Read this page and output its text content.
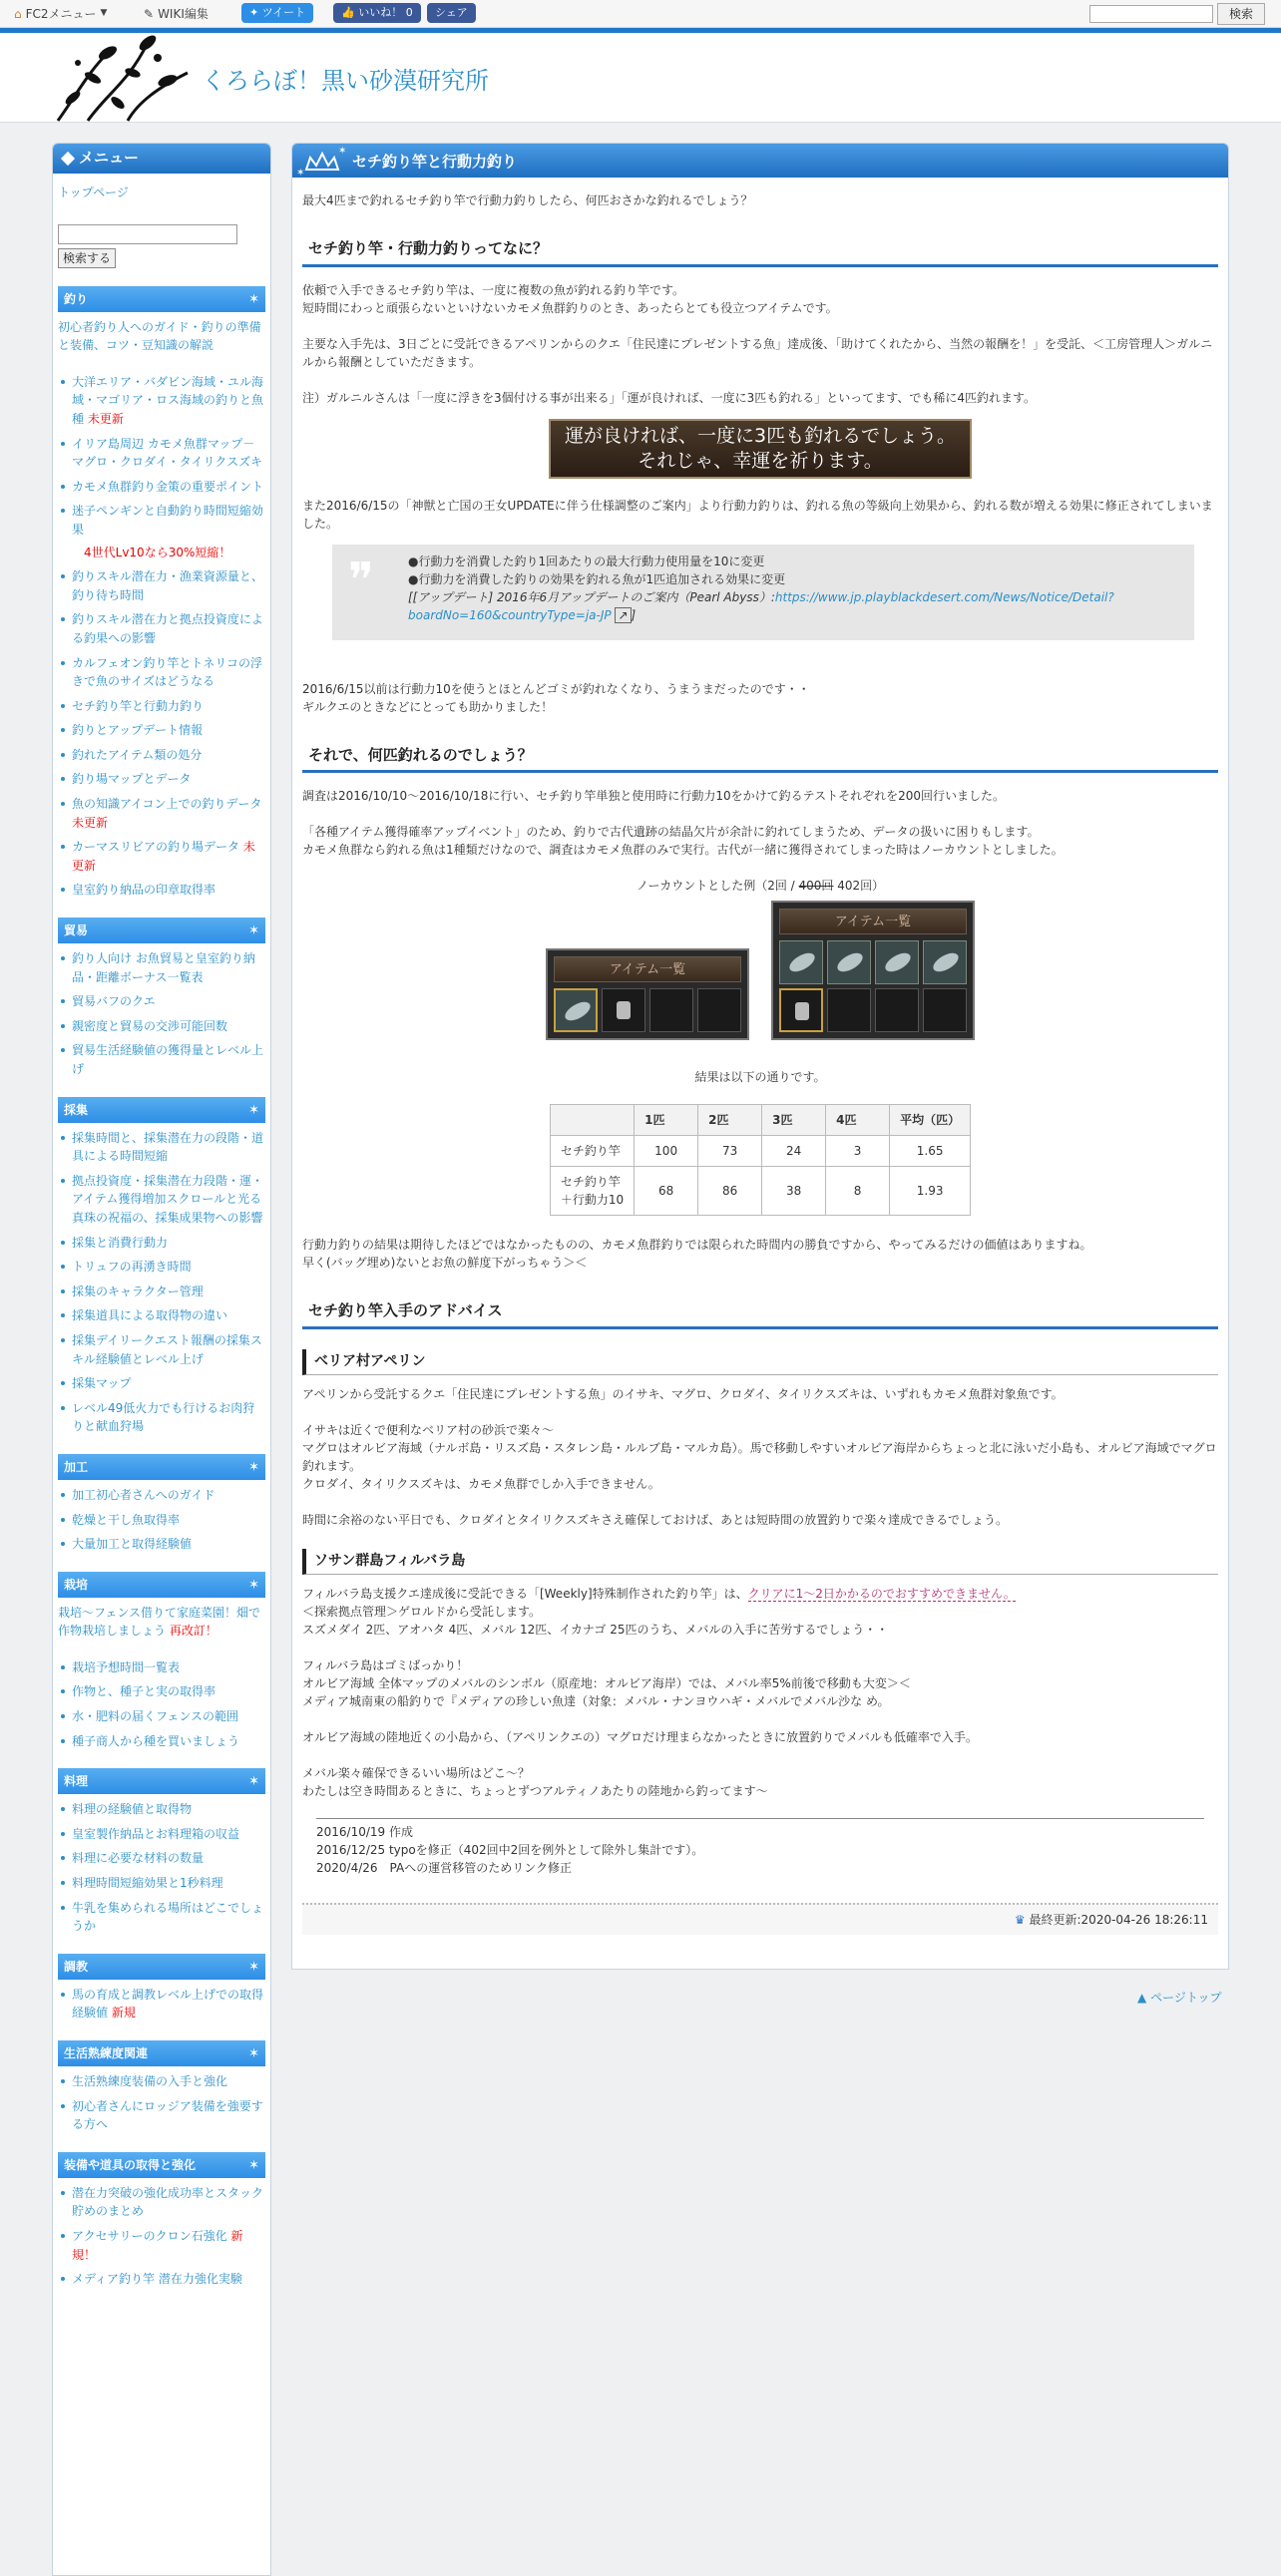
⌂ FC2メニュー ▼	✎ WIKI編集	✦ ツイート	👍 いいね！ 0	シェア	検索
くろらぼ！黒い砂漠研究所
メニュー
トップページ
検索する
釣り	✶
初心者釣り人へのガイド・釣りの準備と装備、コツ・豆知識の解説
大洋エリア・バダビン海域・ユル海域・マゴリア・ロス海域の釣りと魚種 未更新
イリア島周辺 カモメ魚群マップ－マグロ・クロダイ・タイリクスズキ
カモメ魚群釣り金策の重要ポイント
迷子ペンギンと自動釣り時間短縮効果
4世代Lv10なら30%短縮！
釣りスキル潜在力・漁業資源量と、釣り待ち時間
釣りスキル潜在力と拠点投資度による釣果への影響
カルフェオン釣り竿とトネリコの浮きで魚のサイズはどうなる
セチ釣り竿と行動力釣り
釣りとアップデート情報
釣れたアイテム類の処分
釣り場マップとデータ
魚の知識アイコン上での釣りデータ 未更新
カーマスリビアの釣り場データ 未更新
皇室釣り納品の印章取得率
貿易	✶
釣り人向け お魚貿易と皇室釣り納品・距離ボーナス一覧表
貿易バフのクエ
親密度と貿易の交渉可能回数
貿易生活経験値の獲得量とレベル上げ
採集	✶
採集時間と、採集潜在力の段階・道具による時間短縮
拠点投資度・採集潜在力段階・運・アイテム獲得増加スクロールと光る真珠の祝福の、採集成果物への影響
採集と消費行動力
トリュフの再湧き時間
採集のキャラクター管理
採集道具による取得物の違い
採集デイリークエスト報酬の採集スキル経験値とレベル上げ
採集マップ
レベル49低火力でも行けるお肉狩りと献血狩場
加工	✶
加工初心者さんへのガイド
乾燥と干し魚取得率
大量加工と取得経験値
栽培	✶
栽培～フェンス借りて家庭菜園！畑で作物栽培しましょう 再改訂！
栽培予想時間一覧表
作物と、種子と実の取得率
水・肥料の届くフェンスの範囲
種子商人から種を買いましょう
料理	✶
料理の経験値と取得物
皇室製作納品とお料理箱の収益
料理に必要な材料の数量
料理時間短縮効果と1秒料理
牛乳を集められる場所はどこでしょうか
調教	✶
馬の育成と調教レベル上げでの取得経験値 新規
生活熟練度関連	✶
生活熟練度装備の入手と強化
初心者さんにロッジア装備を強要する方へ
装備や道具の取得と強化	✶
潜在力突破の強化成功率とスタック貯めのまとめ
アクセサリーのクロン石強化 新規！
メディア釣り竿 潜在力強化実験
✶
✶
セチ釣り竿と行動力釣り

最大4匹まで釣れるセチ釣り竿で行動力釣りしたら、何匹おさかな釣れるでしょう？

セチ釣り竿・行動力釣りってなに？

依頼で入手できるセチ釣り竿は、一度に複数の魚が釣れる釣り竿です。
短時間にわっと頑張らないといけないカモメ魚群釣りのとき、あったらとても役立つアイテムです。

主要な入手先は、3日ごとに受託できるアペリンからのクエ「住民達にプレゼントする魚」達成後、「助けてくれたから、当然の報酬を！」を受託、＜工房管理人＞ガルニルから報酬としていただきます。

注）ガルニルさんは「一度に浮きを3個付ける事が出来る」「運が良ければ、一度に3匹も釣れる」といってます、でも稀に4匹釣れます。

運が良ければ、一度に3匹も釣れるでしょう。
それじゃ、幸運を祈ります。

また2016/6/15の「神獣と亡国の王女UPDATEに伴う仕様調整のご案内」より行動力釣りは、釣れる魚の等級向上効果から、釣れる数が増える効果に修正されてしまいました。

❞	●行動力を消費した釣り1回あたりの最大行動力使用量を10に変更
●行動力を消費した釣りの効果を釣れる魚が1匹追加される効果に変更
[[アップデート] 2016年6月アップデートのご案内（Pearl Abyss）:https://www.jp.playblackdesert.com/News/Notice/Detail?boardNo=160&countryType=ja-JP ↗ ]

2016/6/15以前は行動力10を使うとほとんどゴミが釣れなくなり、うまうまだったのです・・
ギルクエのときなどにとっても助かりました！

それで、何匹釣れるのでしょう？

調査は2016/10/10～2016/10/18に行い、セチ釣り竿単独と使用時に行動力10をかけて釣るテストそれぞれを200回行いました。

「各種アイテム獲得確率アップイベント」のため、釣りで古代遺跡の結晶欠片が余計に釣れてしまうため、データの扱いに困りもします。
カモメ魚群なら釣れる魚は1種類だけなので、調査はカモメ魚群のみで実行。古代が一緒に獲得されてしまった時はノーカウントとしました。

ノーカウントとした例（2回 / 400回 402回）
アイテム一覧
アイテム一覧

結果は以下の通りです。

	1匹	2匹	3匹	4匹	平均（匹）
セチ釣り竿	100	73	24	3	1.65
セチ釣り竿
＋行動力10	68	86	38	8	1.93

行動力釣りの結果は期待したほどではなかったものの、カモメ魚群釣りでは限られた時間内の勝負ですから、やってみるだけの価値はありますね。
早く(バッグ埋め)ないとお魚の鮮度下がっちゃう＞＜

セチ釣り竿入手のアドバイス
ベリア村アペリン

アペリンから受託するクエ「住民達にプレゼントする魚」のイサキ、マグロ、クロダイ、タイリクスズキは、いずれもカモメ魚群対象魚です。

イサキは近くで便利なベリア村の砂浜で楽々～
マグロはオルビア海域（ナルボ島・リスズ島・スタレン島・ルルブ島・マルカ島）。馬で移動しやすいオルビア海岸からちょっと北に泳いだ小島も、オルビア海域でマグロ釣れます。
クロダイ、タイリクスズキは、カモメ魚群でしか入手できません。

時間に余裕のない平日でも、クロダイとタイリクスズキさえ確保しておけば、あとは短時間の放置釣りで楽々達成できるでしょう。

ソサン群島フィルバラ島

フィルバラ島支援クエ達成後に受託できる「[Weekly]特殊制作された釣り竿」は、クリアに1～2日かかるのでおすすめできません。
＜探索拠点管理＞ゲロルドから受託します。
スズメダイ 2匹、アオハタ 4匹、メバル 12匹、イカナゴ 25匹のうち、メバルの入手に苦労するでしょう・・

フィルバラ島はゴミばっかり！
オルビア海域 全体マップのメバルのシンボル（原産地：オルビア海岸）では、メバル率5%前後で移動も大変＞＜
メディア城南東の船釣りで『メディアの珍しい魚達（対象：メバル・ナンヨウハギ・メバルでメバル沙な め。

オルビア海域の陸地近くの小島から、（アペリンクエの）マグロだけ理まらなかったときに放置釣りでメバルも低確率で入手。

メバル楽々確保できるいい場所はどこ～？
わたしは空き時間あるときに、ちょっとずつアルティノあたりの陸地から釣ってます～

2016/10/19 作成
2016/12/25 typoを修正（402回中2回を例外として除外し集計です）。
2020/4/26　PAへの運営移管のためリンク修正
♛ 最終更新:2020-04-26 18:26:11
▲ ページトップ
